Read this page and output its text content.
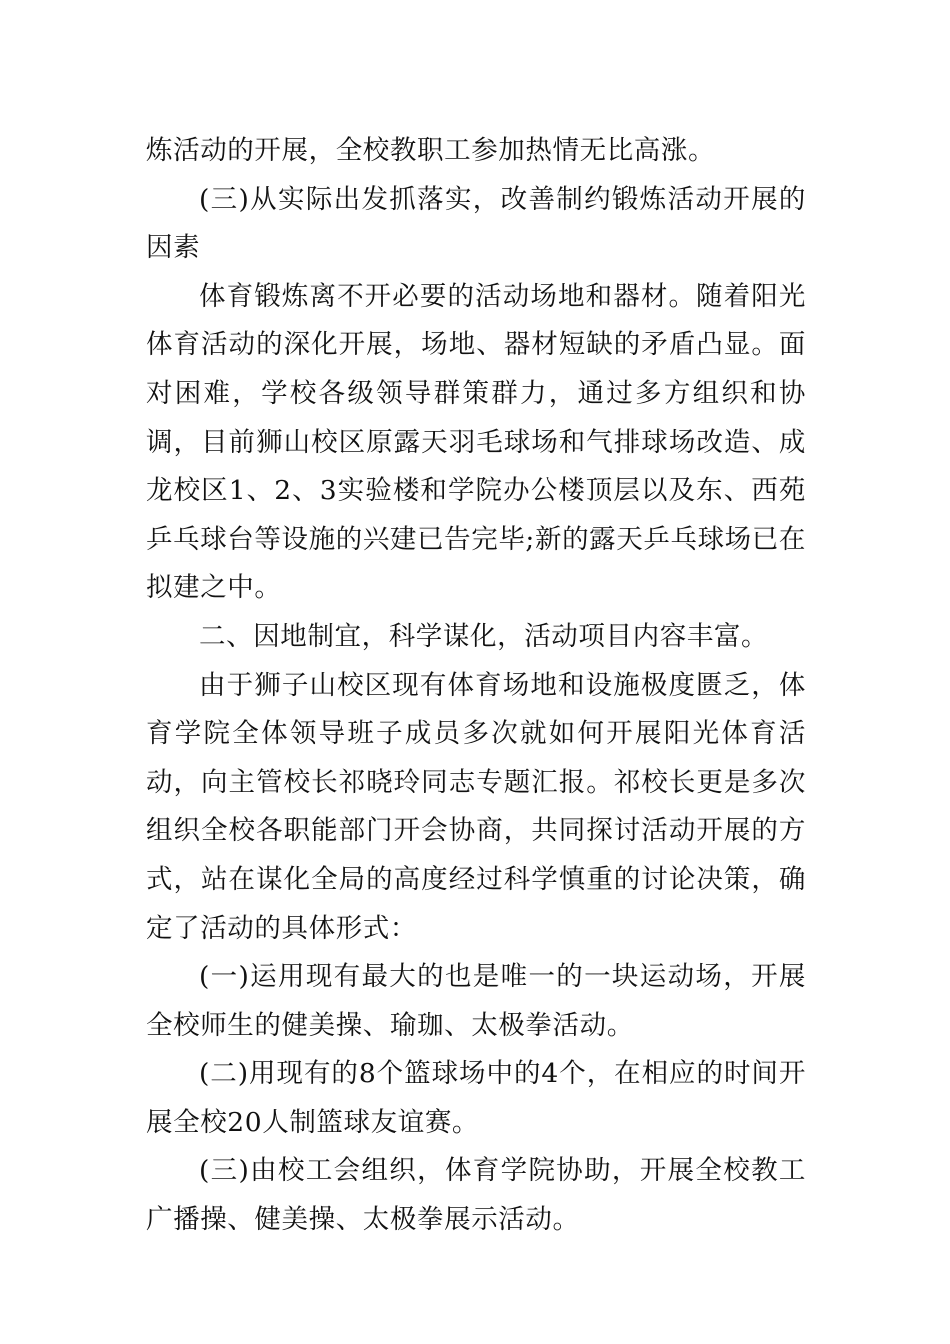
炼活动的开展，全校教职工参加热情无比高涨。

(三)从实际出发抓落实，改善制约锻炼活动开展的因素

体育锻炼离不开必要的活动场地和器材。随着阳光体育活动的深化开展，场地、器材短缺的矛盾凸显。面对困难，学校各级领导群策群力，通过多方组织和协调，目前狮山校区原露天羽毛球场和气排球场改造、成龙校区1、2、3实验楼和学院办公楼顶层以及东、西苑乒乓球台等设施的兴建已告完毕;新的露天乒乓球场已在拟建之中。

二、因地制宜，科学谋化，活动项目内容丰富。

由于狮子山校区现有体育场地和设施极度匮乏，体育学院全体领导班子成员多次就如何开展阳光体育活动，向主管校长祁晓玲同志专题汇报。祁校长更是多次组织全校各职能部门开会协商，共同探讨活动开展的方式，站在谋化全局的高度经过科学慎重的讨论决策，确定了活动的具体形式：

(一)运用现有最大的也是唯一的一块运动场，开展全校师生的健美操、瑜珈、太极拳活动。

(二)用现有的8个篮球场中的4个，在相应的时间开展全校20人制篮球友谊赛。

(三)由校工会组织，体育学院协助，开展全校教工广播操、健美操、太极拳展示活动。
